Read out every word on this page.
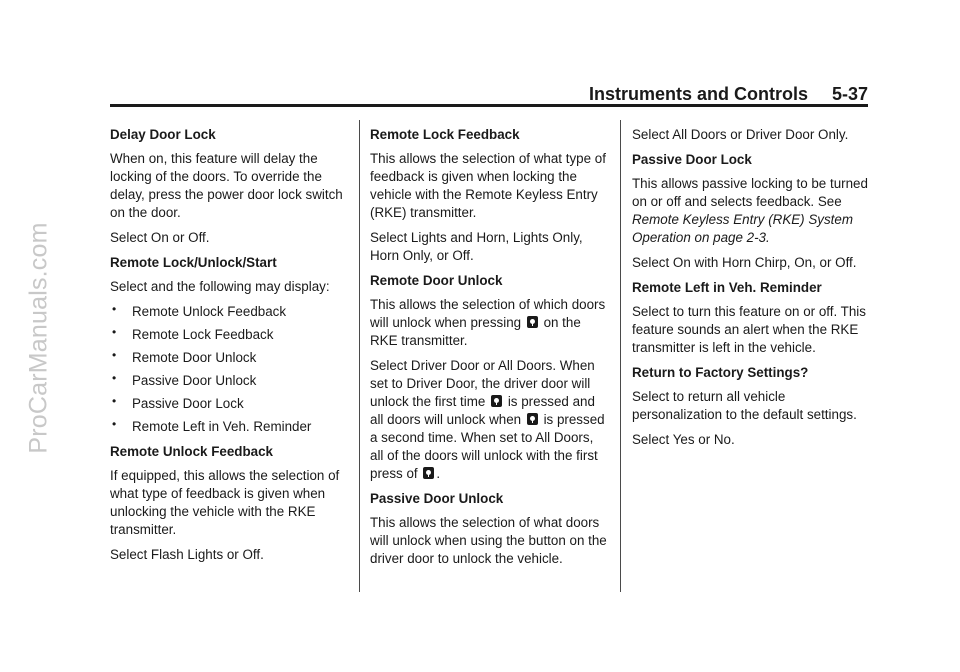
ProCarManuals.com
Instruments and Controls 5-37

Delay Door Lock

When on, this feature will delay the locking of the doors. To override the delay, press the power door lock switch on the door.

Select On or Off.

Remote Lock/Unlock/Start

Select and the following may display:

• Remote Unlock Feedback
• Remote Lock Feedback
• Remote Door Unlock
• Passive Door Unlock
• Passive Door Lock
• Remote Left in Veh. Reminder

Remote Unlock Feedback

If equipped, this allows the selection of what type of feedback is given when unlocking the vehicle with the RKE transmitter.

Select Flash Lights or Off.

Remote Lock Feedback

This allows the selection of what type of feedback is given when locking the vehicle with the Remote Keyless Entry (RKE) transmitter.

Select Lights and Horn, Lights Only, Horn Only, or Off.

Remote Door Unlock

This allows the selection of which doors will unlock when pressing on the RKE transmitter.

Select Driver Door or All Doors. When set to Driver Door, the driver door will unlock the first time is pressed and all doors will unlock when is pressed a second time. When set to All Doors, all of the doors will unlock with the first press of .

Passive Door Unlock

This allows the selection of what doors will unlock when using the button on the driver door to unlock the vehicle.

Select All Doors or Driver Door Only.

Passive Door Lock

This allows passive locking to be turned on or off and selects feedback. See Remote Keyless Entry (RKE) System Operation on page 2-3.

Select On with Horn Chirp, On, or Off.

Remote Left in Veh. Reminder

Select to turn this feature on or off. This feature sounds an alert when the RKE transmitter is left in the vehicle.

Return to Factory Settings?

Select to return all vehicle personalization to the default settings.

Select Yes or No.
